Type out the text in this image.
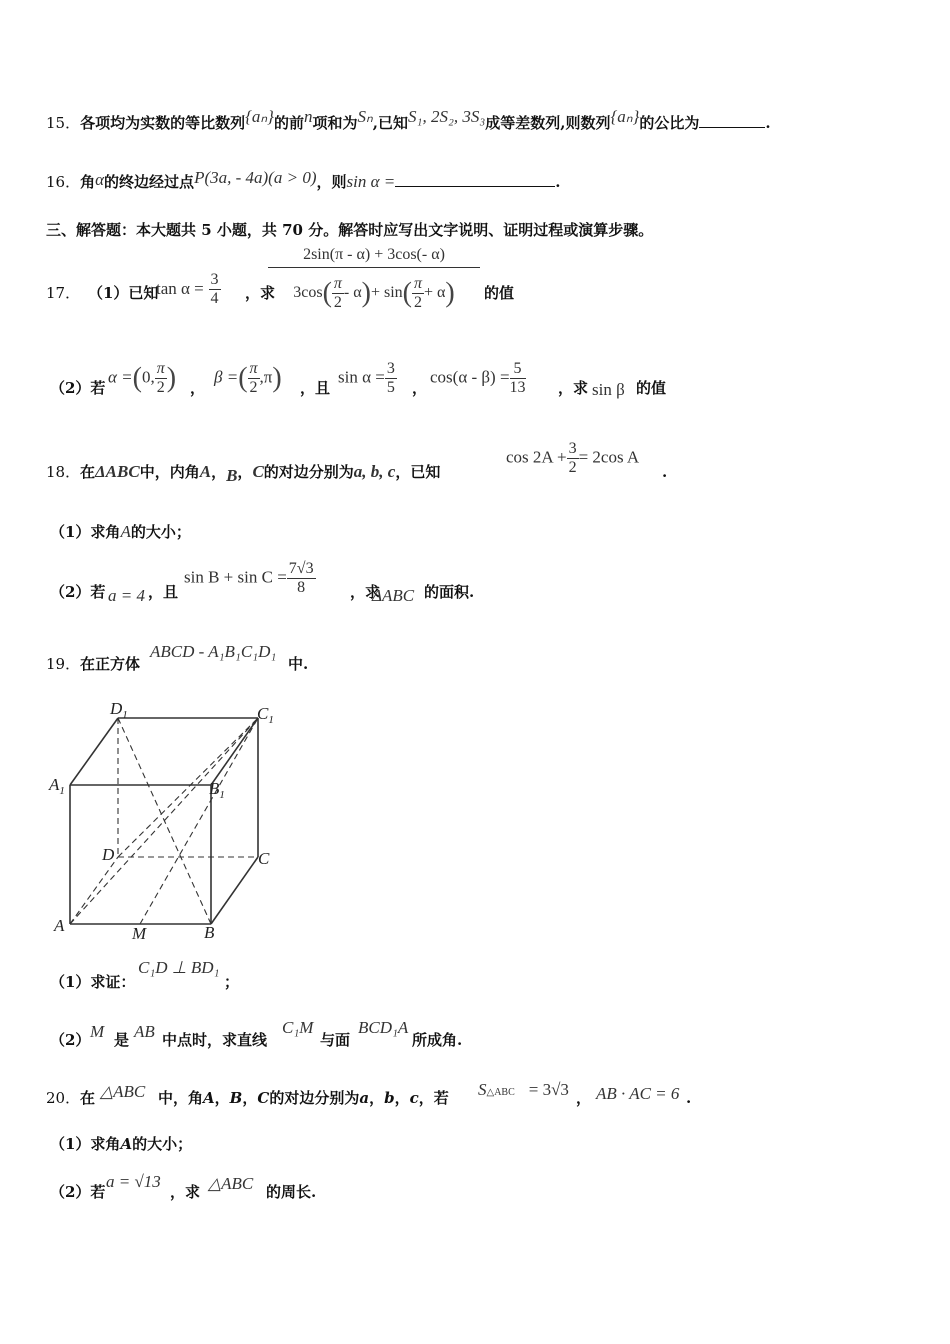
15．各项均为实数的等比数列{aₙ}的前n项和为Sₙ,已知S₁, 2S₂, 3S₃成等差数列,则数列{aₙ}的公比为	.
16．角α的终边经过点P(3a, - 4a)(a > 0)，则sin α =	.
三、解答题：本大题共 5 小题，共 70 分。解答时应写出文字说明、证明过程或演算步骤。
17． （1）已知
$\tan \alpha = \frac{3}{4}$ ，求
2sin(π - α) + 3cos(- α)
$3\cos( \frac{\pi}{2} - \alpha)+ \sin( \frac{\pi}{2} + \alpha)$	的值
（2）若
α =(0, $\frac{\pi}{2}$ ) ，
β =( $\frac{\pi}{2} ,\pi$) ，且
$\sin \alpha = \frac{3}{5}$ ，
$\cos(\alpha - \beta) = \frac{5}{13}$ ，求 sin β 的值
18． 在ΔABC中，内角A，B，C的对边分别为a, b, c，已知
$\cos 2A + \frac{3}{2} = 2\cos$ A
.
（1）求角A的大小；
（2）若 a = 4 ，且
$\sin B + \sin C = \frac{7√3}{8}$ ，求
ΔABC 的面积.
19． 在正方体
ABCD - A₁B₁C₁D₁
中.
$D_1$	$C_1$
$A_1$	$B_1$
D	C
A	M	B
（1）求证：
C₁D ⊥ BD₁
；
（2） M 是 AB 中点时，求直线
C₁M
与面
BCD₁A
所成角.
20． 在 △ABC 中，角A，B，C的对边分别为a，b，c，若 S△ABC = 3√3 ， AB · AC = 6 .
（1）求角A的大小；
（2）若
a = √13
，求 △ABC 的周长.
